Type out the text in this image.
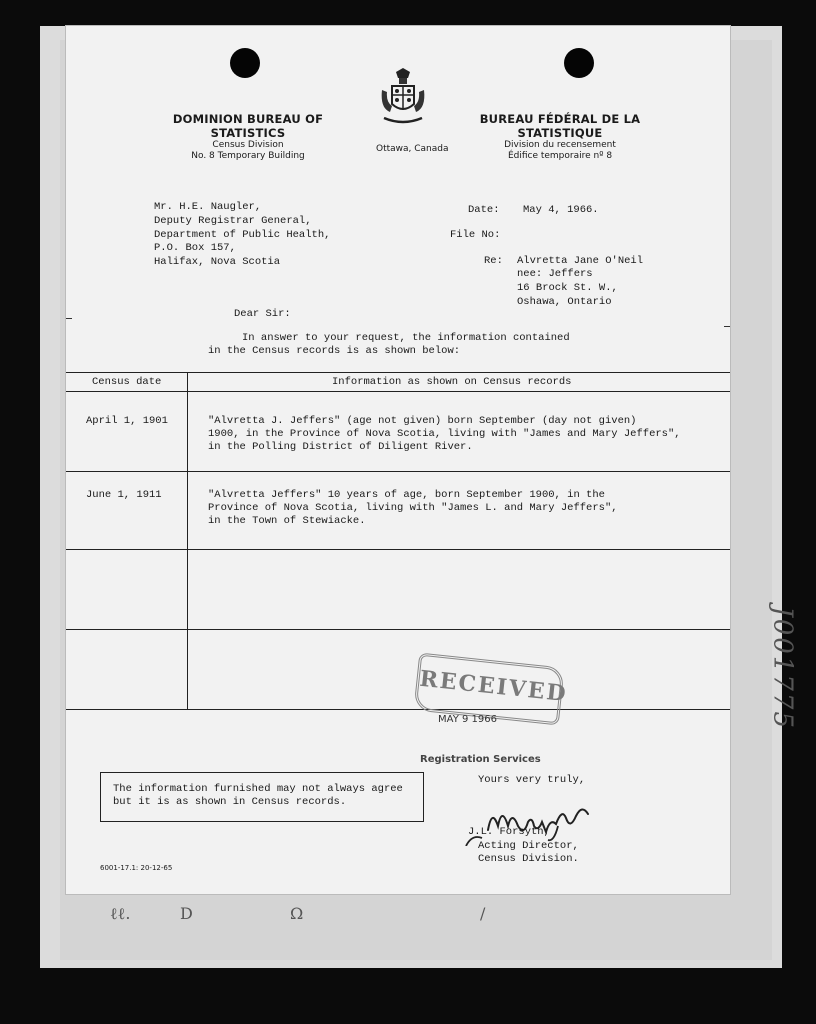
J001775
DOMINION BUREAU OF STATISTICS
Census Division
No. 8 Temporary Building
Ottawa, Canada
BUREAU FÉDÉRAL DE LA STATISTIQUE
Division du recensement
Édifice temporaire nº 8
Mr. H.E. Naugler,
Deputy Registrar General,
Department of Public Health,
P.O. Box 157,
Halifax, Nova Scotia
Date: May 4, 1966.
File No:
Re: Alvretta Jane O'Neil
nee: Jeffers
16 Brock St. W.,
Oshawa, Ontario
Dear Sir:
In answer to your request, the information contained
in the Census records is as shown below:
Census date	Information as shown on Census records
April 1, 1901	"Alvretta J. Jeffers" (age not given) born September (day not given)
1900, in the Province of Nova Scotia, living with "James and Mary Jeffers",
in the Polling District of Diligent River.
June 1, 1911	"Alvretta Jeffers" 10 years of age, born September 1900, in the
Province of Nova Scotia, living with "James L. and Mary Jeffers",
in the Town of Stewiacke.
RECEIVED
MAY 9 1966
Registration Services
The information furnished may not always agree
but it is as shown in Census records.
Yours very truly,
J.L. Forsyth,
Acting Director,
Census Division.
6001-17.1: 20-12-65
ℓℓ.	D	Ω	/
